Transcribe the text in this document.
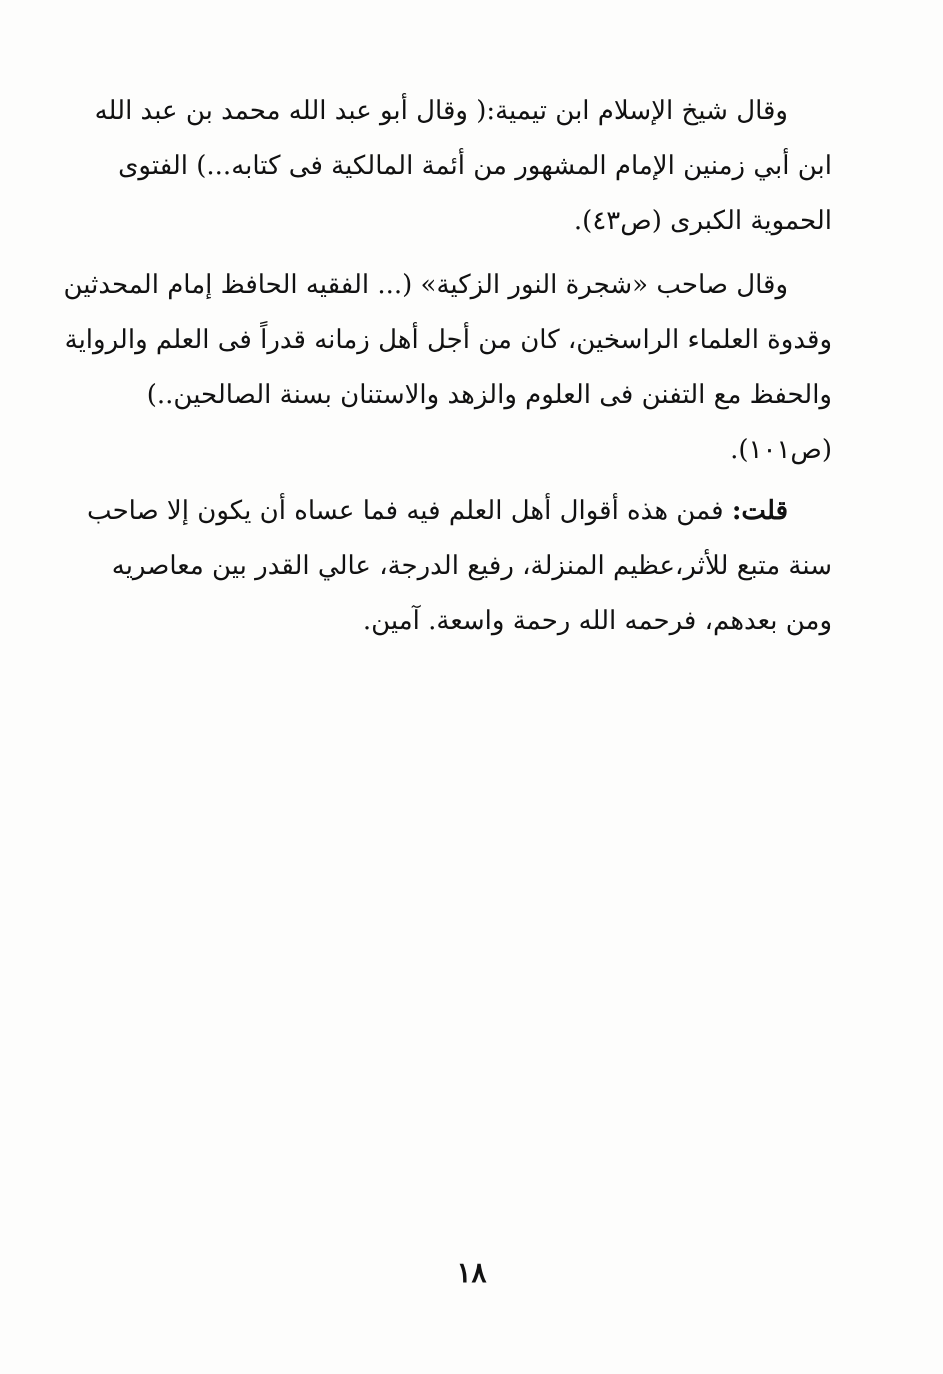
وقال شيخ الإسلام ابن تيمية:( وقال أبو عبد الله محمد بن عبد الله
ابن أبي زمنين الإمام المشهور من أئمة المالكية فى كتابه...) الفتوى
الحموية الكبرى (ص٤٣).
وقال صاحب «شجرة النور الزكية» (... الفقيه الحافظ إمام المحدثين
وقدوة العلماء الراسخين، كان من أجل أهل زمانه قدراً فى العلم والرواية
والحفظ مع التفنن فى العلوم والزهد والاستنان بسنة الصالحين..)
(ص١٠١).
قلت: فمن هذه أقوال أهل العلم فيه فما عساه أن يكون إلا صاحب
سنة متبع للأثر،عظيم المنزلة، رفيع الدرجة، عالي القدر بين معاصريه
ومن بعدهم، فرحمه الله رحمة واسعة. آمين.
١٨
